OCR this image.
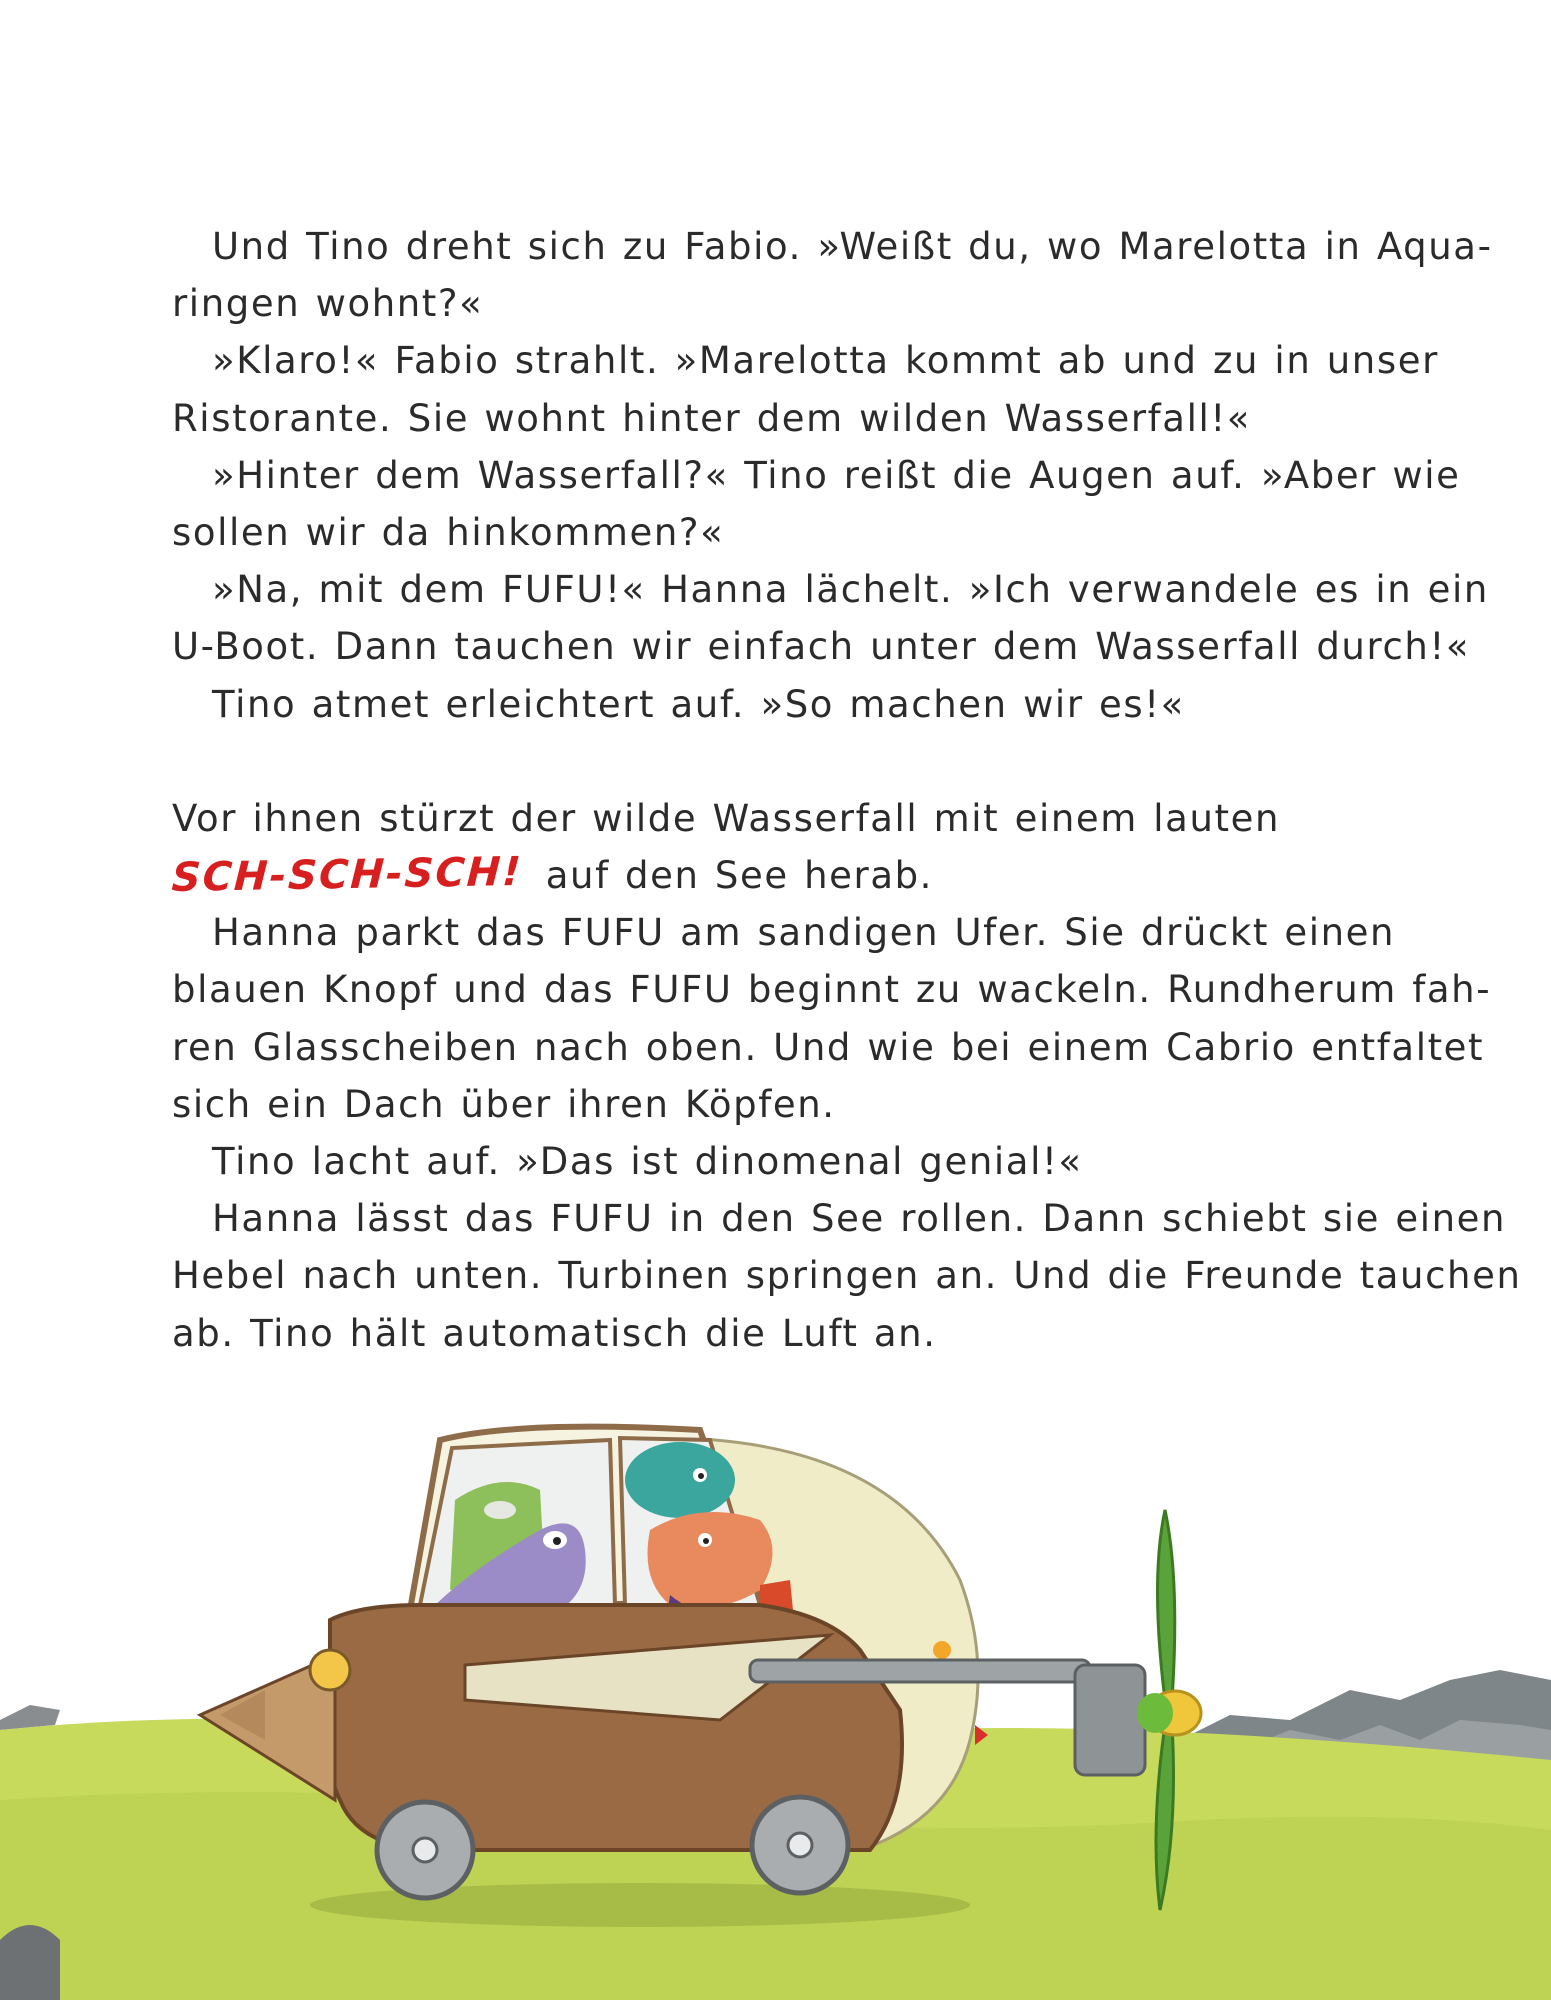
Und Tino dreht sich zu Fabio. »Weißt du, wo Marelotta in Aqua-
ringen wohnt?«
»Klaro!« Fabio strahlt. »Marelotta kommt ab und zu in unser
Ristorante. Sie wohnt hinter dem wilden Wasserfall!«
»Hinter dem Wasserfall?« Tino reißt die Augen auf. »Aber wie
sollen wir da hinkommen?«
»Na, mit dem FUFU!« Hanna lächelt. »Ich verwandele es in ein
U-Boot. Dann tauchen wir einfach unter dem Wasserfall durch!«
Tino atmet erleichtert auf. »So machen wir es!«
Vor ihnen stürzt der wilde Wasserfall mit einem lauten
SCH-SCH-SCH! auf den See herab.
Hanna parkt das FUFU am sandigen Ufer. Sie drückt einen
blauen Knopf und das FUFU beginnt zu wackeln. Rundherum fah-
ren Glasscheiben nach oben. Und wie bei einem Cabrio entfaltet
sich ein Dach über ihren Köpfen.
Tino lacht auf. »Das ist dinomenal genial!«
Hanna lässt das FUFU in den See rollen. Dann schiebt sie einen
Hebel nach unten. Turbinen springen an. Und die Freunde tauchen
ab. Tino hält automatisch die Luft an.
